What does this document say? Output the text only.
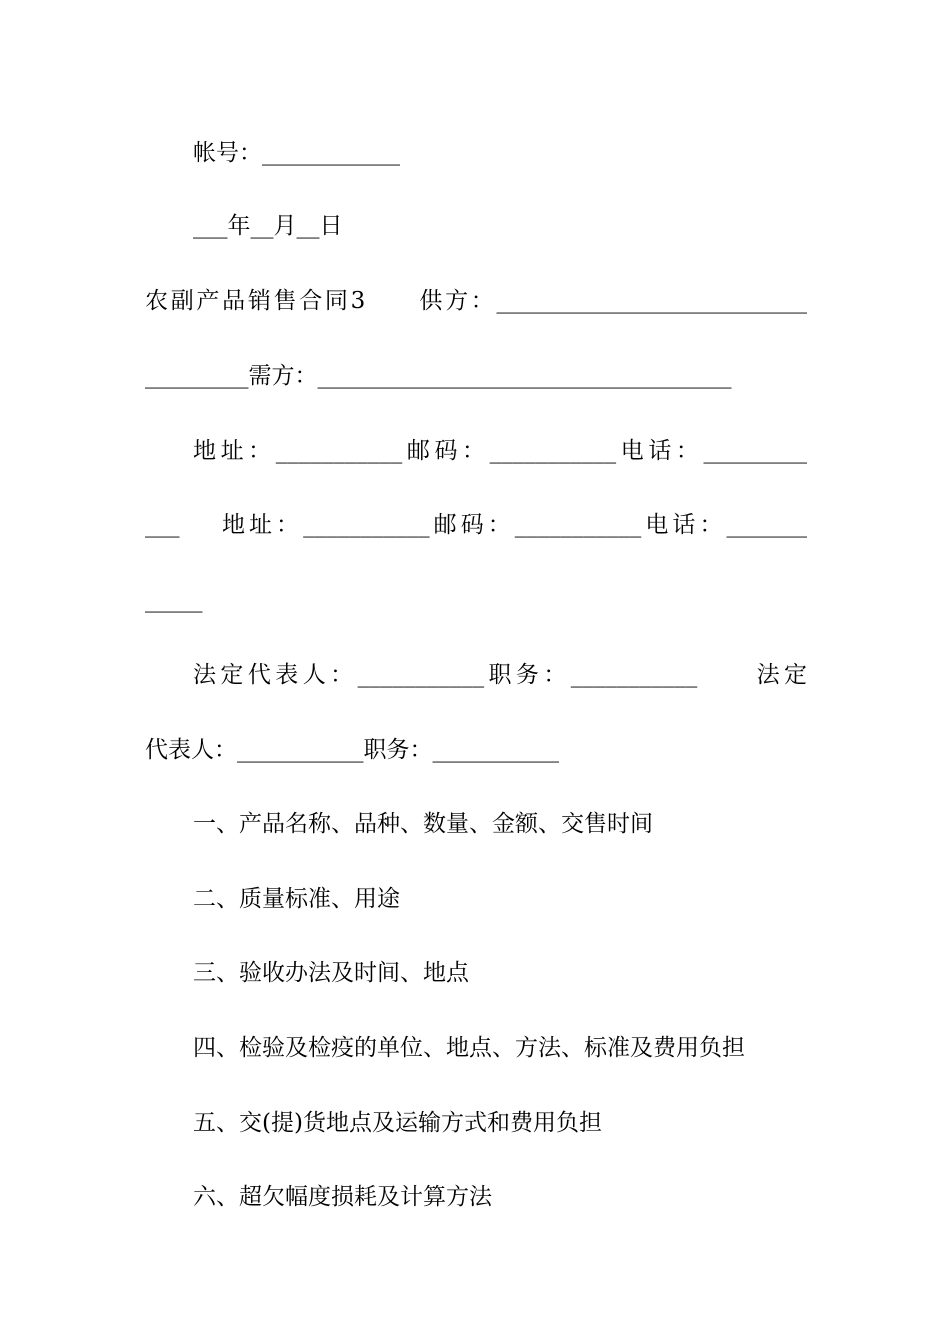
帐号：____________
___年__月__日
农副产品销售合同3　　供方：___________________________
_________需方：____________________________________
地址：___________邮码：___________电话：_________
___　 地址：___________邮码：___________电话：_______
_____
法定代表人：___________职务：___________　　法定
代表人：___________职务：___________
一、产品名称、品种、数量、金额、交售时间
二、质量标准、用途
三、验收办法及时间、地点
四、检验及检疫的单位、地点、方法、标准及费用负担
五、交(提)货地点及运输方式和费用负担
六、超欠幅度损耗及计算方法
